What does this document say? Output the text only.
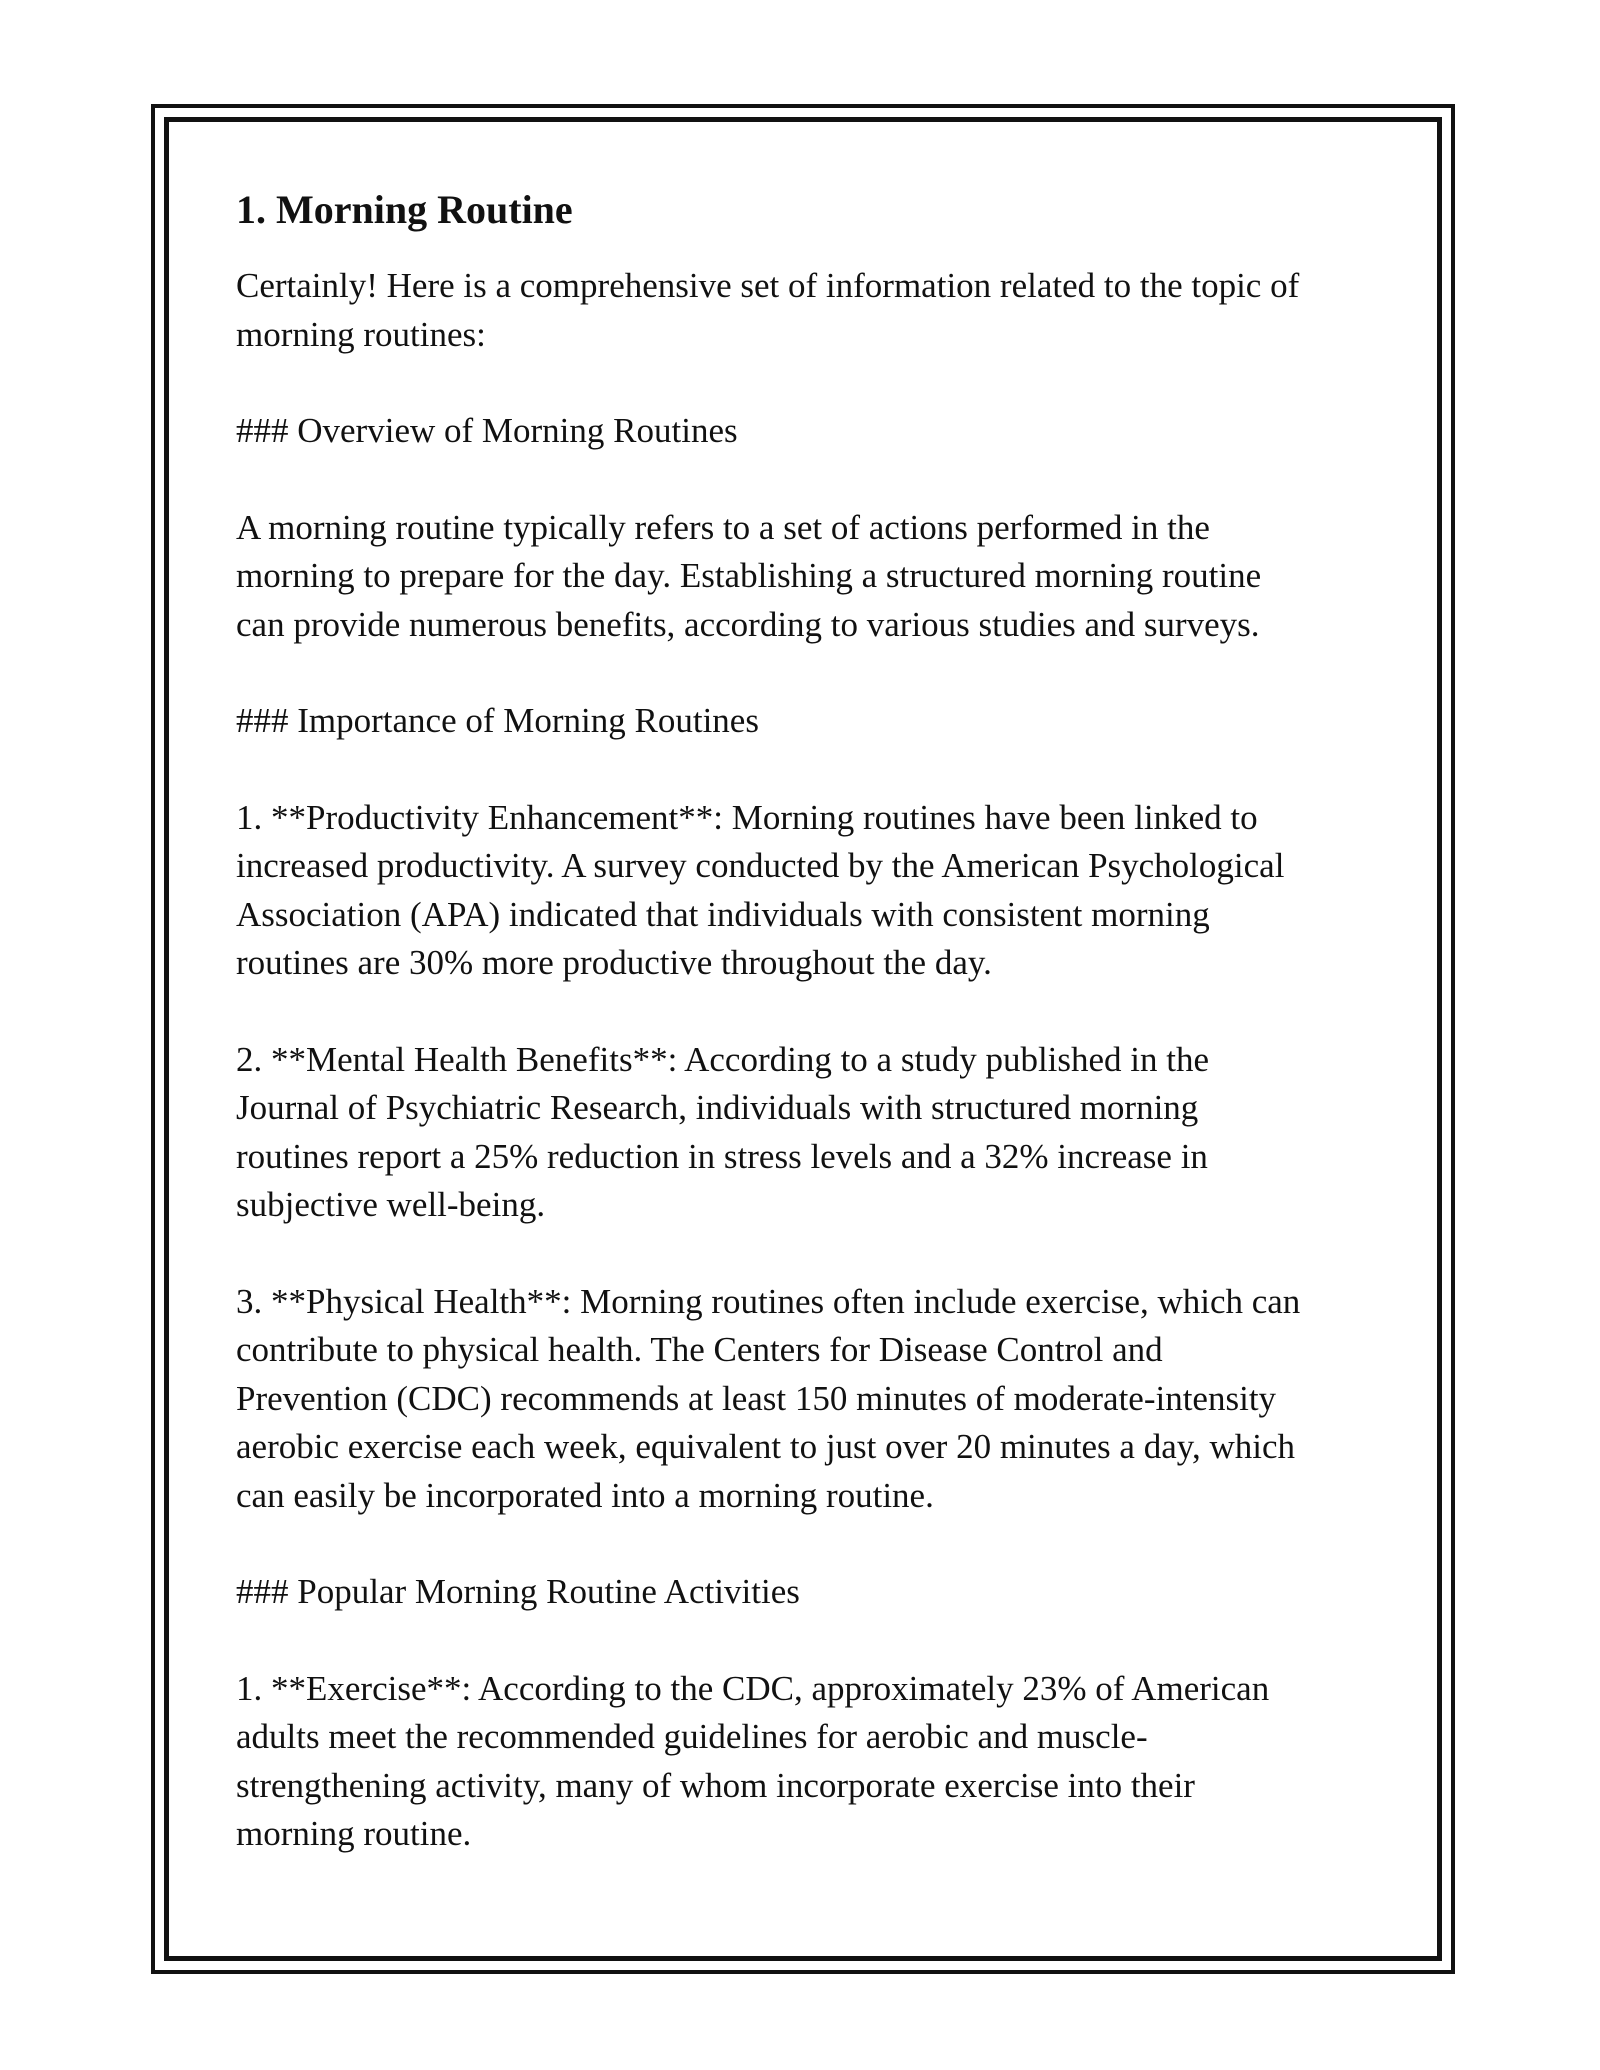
1. Morning Routine

Certainly! Here is a comprehensive set of information related to the topic of
morning routines:

### Overview of Morning Routines

A morning routine typically refers to a set of actions performed in the
morning to prepare for the day. Establishing a structured morning routine
can provide numerous benefits, according to various studies and surveys.

### Importance of Morning Routines

1. **Productivity Enhancement**: Morning routines have been linked to
increased productivity. A survey conducted by the American Psychological
Association (APA) indicated that individuals with consistent morning
routines are 30% more productive throughout the day.

2. **Mental Health Benefits**: According to a study published in the
Journal of Psychiatric Research, individuals with structured morning
routines report a 25% reduction in stress levels and a 32% increase in
subjective well-being.

3. **Physical Health**: Morning routines often include exercise, which can
contribute to physical health. The Centers for Disease Control and
Prevention (CDC) recommends at least 150 minutes of moderate-intensity
aerobic exercise each week, equivalent to just over 20 minutes a day, which
can easily be incorporated into a morning routine.

### Popular Morning Routine Activities

1. **Exercise**: According to the CDC, approximately 23% of American
adults meet the recommended guidelines for aerobic and muscle-
strengthening activity, many of whom incorporate exercise into their
morning routine.
